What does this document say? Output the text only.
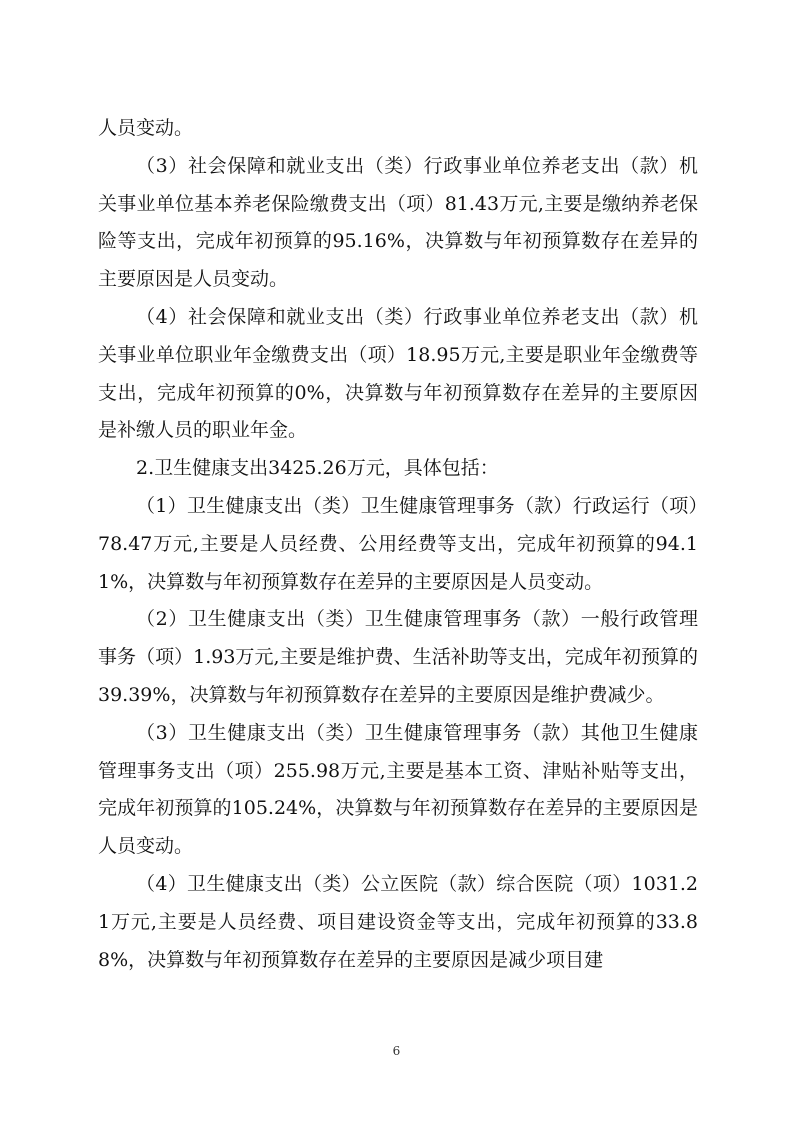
人员变动。

（3）社会保障和就业支出（类）行政事业单位养老支出（款）机关事业单位基本养老保险缴费支出（项）81.43万元,主要是缴纳养老保险等支出，完成年初预算的95.16%，决算数与年初预算数存在差异的主要原因是人员变动。

（4）社会保障和就业支出（类）行政事业单位养老支出（款）机关事业单位职业年金缴费支出（项）18.95万元,主要是职业年金缴费等支出，完成年初预算的0%，决算数与年初预算数存在差异的主要原因是补缴人员的职业年金。

2.卫生健康支出3425.26万元，具体包括：

（1）卫生健康支出（类）卫生健康管理事务（款）行政运行（项）78.47万元,主要是人员经费、公用经费等支出，完成年初预算的94.11%，决算数与年初预算数存在差异的主要原因是人员变动。

（2）卫生健康支出（类）卫生健康管理事务（款）一般行政管理事务（项）1.93万元,主要是维护费、生活补助等支出，完成年初预算的39.39%，决算数与年初预算数存在差异的主要原因是维护费减少。

（3）卫生健康支出（类）卫生健康管理事务（款）其他卫生健康管理事务支出（项）255.98万元,主要是基本工资、津贴补贴等支出，完成年初预算的105.24%，决算数与年初预算数存在差异的主要原因是人员变动。

（4）卫生健康支出（类）公立医院（款）综合医院（项）1031.21万元,主要是人员经费、项目建设资金等支出，完成年初预算的33.88%，决算数与年初预算数存在差异的主要原因是减少项目建

6
